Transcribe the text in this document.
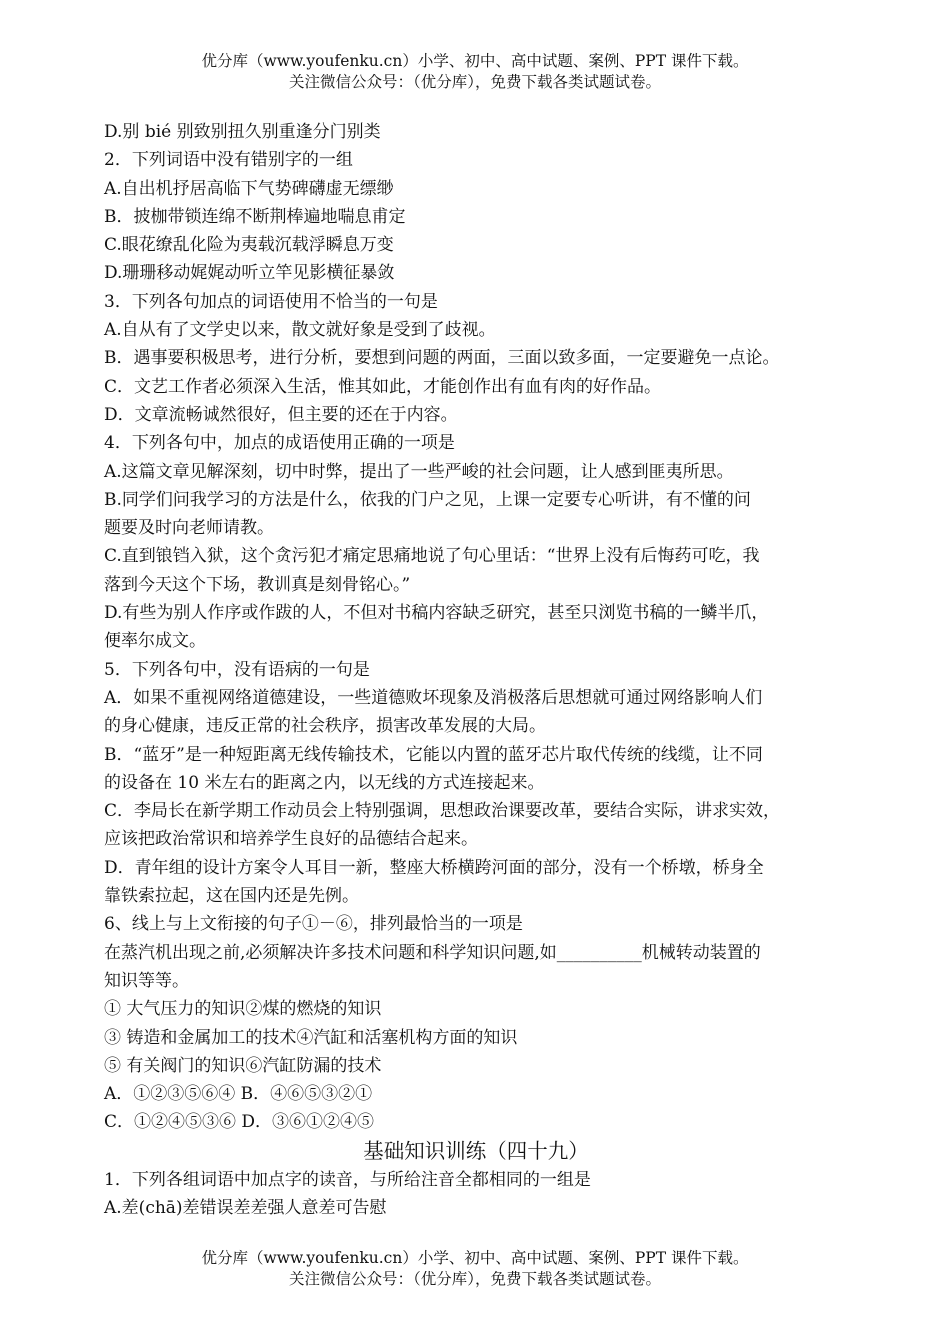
优分库（www.youfenku.cn）小学、初中、高中试题、案例、PPT 课件下载。
关注微信公众号：（优分库），免费下载各类试题试卷。
D.别 bié 别致别扭久别重逢分门别类
2．下列词语中没有错别字的一组
A.自出机抒居高临下气势碑礴虚无缥缈
B．披枷带锁连绵不断荆棒遍地喘息甫定
C.眼花缭乱化险为夷载沉载浮瞬息万变
D.珊珊移动娓娓动听立竿见影横征暴敛
3．下列各句加点的词语使用不恰当的一句是
A.自从有了文学史以来，散文就好象是受到了歧视。
B．遇事要积极思考，进行分析，要想到问题的两面，三面以致多面，一定要避免一点论。
C．文艺工作者必须深入生活，惟其如此，才能创作出有血有肉的好作品。
D．文章流畅诚然很好，但主要的还在于内容。
4．下列各句中，加点的成语使用正确的一项是
A.这篇文章见解深刻，切中时弊，提出了一些严峻的社会问题，让人感到匪夷所思。
B.同学们问我学习的方法是什么，依我的门户之见，上课一定要专心听讲，有不懂的问
题要及时向老师请教。
C.直到锒铛入狱，这个贪污犯才痛定思痛地说了句心里话：“世界上没有后悔药可吃，我
落到今天这个下场，教训真是刻骨铭心。”
D.有些为别人作序或作跋的人，不但对书稿内容缺乏研究，甚至只浏览书稿的一鳞半爪，
便率尔成文。
5．下列各句中，没有语病的一句是
A．如果不重视网络道德建设，一些道德败坏现象及消极落后思想就可通过网络影响人们
的身心健康，违反正常的社会秩序，损害改革发展的大局。
B．“蓝牙”是一种短距离无线传输技术，它能以内置的蓝牙芯片取代传统的线缆，让不同
的设备在 10 米左右的距离之内，以无线的方式连接起来。
C．李局长在新学期工作动员会上特别强调，思想政治课要改革，要结合实际，讲求实效，
应该把政治常识和培养学生良好的品德结合起来。
D．青年组的设计方案令人耳目一新，整座大桥横跨河面的部分，没有一个桥墩，桥身全
靠铁索拉起，这在国内还是先例。
6、线上与上文衔接的句子①－⑥，排列最恰当的一项是
在蒸汽机出现之前,必须解决许多技术问题和科学知识问题,如__________机械转动装置的
知识等等。
① 大气压力的知识②煤的燃烧的知识
③ 铸造和金属加工的技术④汽缸和活塞机构方面的知识
⑤ 有关阀门的知识⑥汽缸防漏的技术
A．①②③⑤⑥④ B．④⑥⑤③②①
C．①②④⑤③⑥ D．③⑥①②④⑤
基础知识训练（四十九）
1．下列各组词语中加点字的读音，与所给注音全都相同的一组是
A.差(chā)差错误差差强人意差可告慰
优分库（www.youfenku.cn）小学、初中、高中试题、案例、PPT 课件下载。
关注微信公众号：（优分库），免费下载各类试题试卷。
